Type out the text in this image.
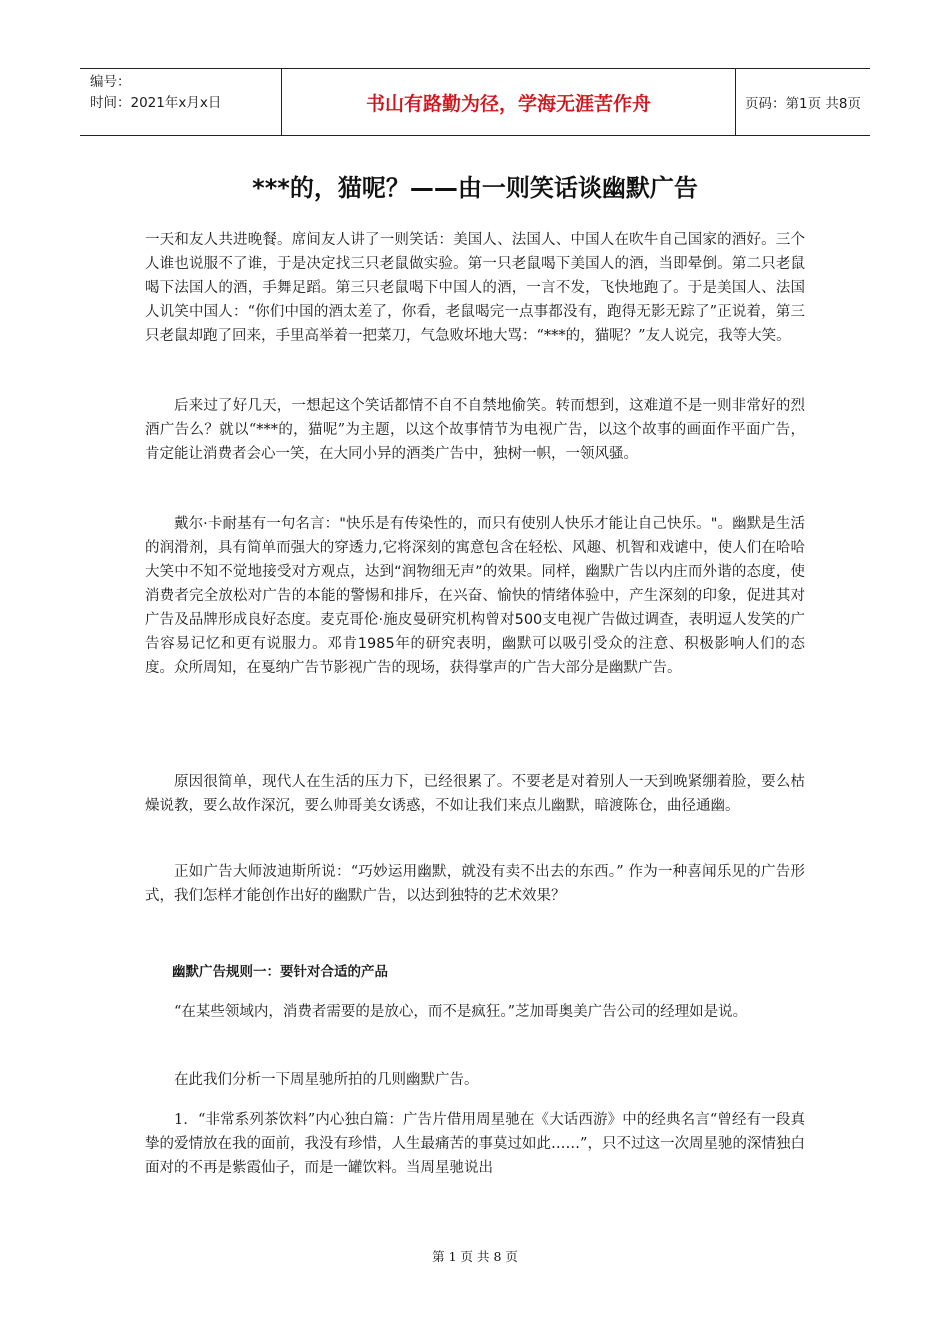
编号：
时间：2021年x月x日	书山有路勤为径，学海无涯苦作舟	页码：第1页 共8页
***的，猫呢？——由一则笑话谈幽默广告

一天和友人共进晚餐。席间友人讲了一则笑话：美国人、法国人、中国人在吹牛自己国家的酒好。三个人谁也说服不了谁，于是决定找三只老鼠做实验。第一只老鼠喝下美国人的酒，当即晕倒。第二只老鼠喝下法国人的酒，手舞足蹈。第三只老鼠喝下中国人的酒，一言不发，飞快地跑了。于是美国人、法国人讥笑中国人：“你们中国的酒太差了，你看，老鼠喝完一点事都没有，跑得无影无踪了”正说着，第三只老鼠却跑了回来，手里高举着一把菜刀，气急败坏地大骂：“***的，猫呢？”友人说完，我等大笑。

后来过了好几天，一想起这个笑话都情不自不自禁地偷笑。转而想到，这难道不是一则非常好的烈酒广告么？就以“***的，猫呢”为主题，以这个故事情节为电视广告，以这个故事的画面作平面广告，肯定能让消费者会心一笑，在大同小异的酒类广告中，独树一帜，一领风骚。

戴尔·卡耐基有一句名言："快乐是有传染性的，而只有使别人快乐才能让自己快乐。"。幽默是生活的润滑剂，具有简单而强大的穿透力,它将深刻的寓意包含在轻松、风趣、机智和戏谑中，使人们在哈哈大笑中不知不觉地接受对方观点，达到“润物细无声”的效果。同样，幽默广告以内庄而外谐的态度，使消费者完全放松对广告的本能的警惕和排斥，在兴奋、愉快的情绪体验中，产生深刻的印象，促进其对广告及品牌形成良好态度。麦克哥伦·施皮曼研究机构曾对500支电视广告做过调查，表明逗人发笑的广告容易记忆和更有说服力。邓肯1985年的研究表明，幽默可以吸引受众的注意、积极影响人们的态度。众所周知，在戛纳广告节影视广告的现场，获得掌声的广告大部分是幽默广告。

原因很简单，现代人在生活的压力下，已经很累了。不要老是对着别人一天到晚紧绷着脸，要么枯燥说教，要么故作深沉，要么帅哥美女诱惑，不如让我们来点儿幽默，暗渡陈仓，曲径通幽。

正如广告大师波迪斯所说：“巧妙运用幽默，就没有卖不出去的东西。” 作为一种喜闻乐见的广告形式，我们怎样才能创作出好的幽默广告，以达到独特的艺术效果？

幽默广告规则一：要针对合适的产品

“在某些领域内，消费者需要的是放心，而不是疯狂。”芝加哥奥美广告公司的经理如是说。

在此我们分析一下周星驰所拍的几则幽默广告。

1．“非常系列茶饮料”内心独白篇：广告片借用周星驰在《大话西游》中的经典名言“曾经有一段真挚的爱情放在我的面前，我没有珍惜，人生最痛苦的事莫过如此……”，只不过这一次周星驰的深情独白面对的不再是紫霞仙子，而是一罐饮料。当周星驰说出

第 1 页 共 8 页
